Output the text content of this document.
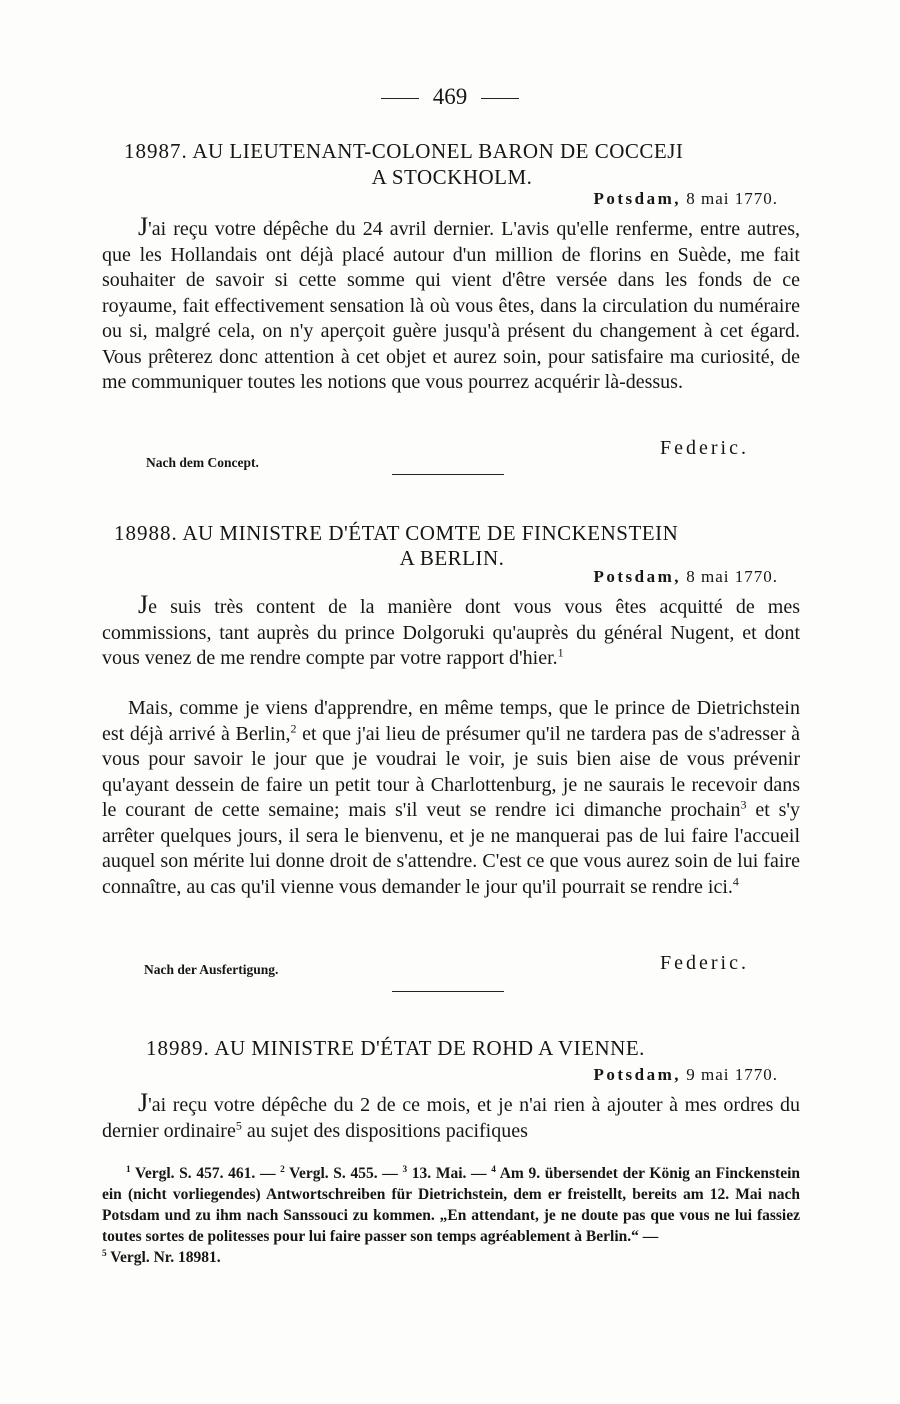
469
18987. AU LIEUTENANT-COLONEL BARON DE COCCEJI
A STOCKHOLM.
Potsdam, 8 mai 1770.
J'ai reçu votre dépêche du 24 avril dernier. L'avis qu'elle renferme, entre autres, que les Hollandais ont déjà placé autour d'un million de florins en Suède, me fait souhaiter de savoir si cette somme qui vient d'être versée dans les fonds de ce royaume, fait effectivement sensation là où vous êtes, dans la circulation du numéraire ou si, malgré cela, on n'y aperçoit guère jusqu'à présent du changement à cet égard. Vous prêterez donc attention à cet objet et aurez soin, pour satisfaire ma curiosité, de me communiquer toutes les notions que vous pourrez acquérir là-dessus.
Federic.
Nach dem Concept.
18988. AU MINISTRE D'ÉTAT COMTE DE FINCKENSTEIN
A BERLIN.
Potsdam, 8 mai 1770.
Je suis très content de la manière dont vous vous êtes acquitté de mes commissions, tant auprès du prince Dolgoruki qu'auprès du général Nugent, et dont vous venez de me rendre compte par votre rapport d'hier.$^1$
Mais, comme je viens d'apprendre, en même temps, que le prince de Dietrichstein est déjà arrivé à Berlin,$^2$ et que j'ai lieu de présumer qu'il ne tardera pas de s'adresser à vous pour savoir le jour que je voudrai le voir, je suis bien aise de vous prévenir qu'ayant dessein de faire un petit tour à Charlottenburg, je ne saurais le recevoir dans le courant de cette semaine; mais s'il veut se rendre ici dimanche prochain$^3$ et s'y arrêter quelques jours, il sera le bienvenu, et je ne manquerai pas de lui faire l'accueil auquel son mérite lui donne droit de s'attendre. C'est ce que vous aurez soin de lui faire connaître, au cas qu'il vienne vous demander le jour qu'il pourrait se rendre ici.$^4$
Federic.
Nach der Ausfertigung.
18989. AU MINISTRE D'ÉTAT DE ROHD A VIENNE.
Potsdam, 9 mai 1770.
J'ai reçu votre dépêche du 2 de ce mois, et je n'ai rien à ajouter à mes ordres du dernier ordinaire$^5$ au sujet des dispositions pacifiques
$^1$ Vergl. S. 457. 461. — $^2$ Vergl. S. 455. — $^3$ 13. Mai. — $^4$ Am 9. übersendet der König an Finckenstein ein (nicht vorliegendes) Antwortschreiben für Dietrichstein, dem er freistellt, bereits am 12. Mai nach Potsdam und zu ihm nach Sanssouci zu kommen. „En attendant, je ne doute pas que vous ne lui fassiez toutes sortes de politesses pour lui faire passer son temps agréablement à Berlin.“ —
$^5$ Vergl. Nr. 18981.
